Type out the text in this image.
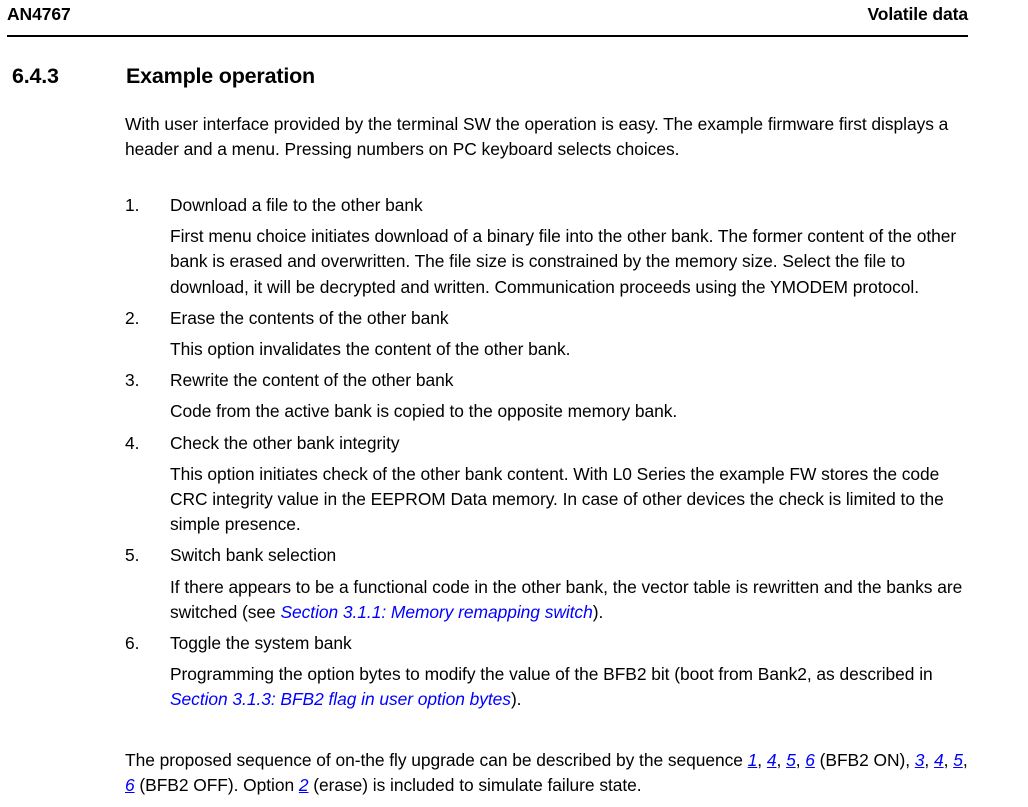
AN4767	Volatile data
6.4.3	Example operation

With user interface provided by the terminal SW the operation is easy. The example firmware first displays a header and a menu. Pressing numbers on PC keyboard selects choices.

1.	Download a file to the other bank
First menu choice initiates download of a binary file into the other bank. The former content of the other bank is erased and overwritten. The file size is constrained by the memory size. Select the file to download, it will be decrypted and written. Communication proceeds using the YMODEM protocol.
2.	Erase the contents of the other bank
This option invalidates the content of the other bank.
3.	Rewrite the content of the other bank
Code from the active bank is copied to the opposite memory bank.
4.	Check the other bank integrity
This option initiates check of the other bank content. With L0 Series the example FW stores the code CRC integrity value in the EEPROM Data memory. In case of other devices the check is limited to the simple presence.
5.	Switch bank selection
If there appears to be a functional code in the other bank, the vector table is rewritten and the banks are switched (see Section 3.1.1: Memory remapping switch).
6.	Toggle the system bank
Programming the option bytes to modify the value of the BFB2 bit (boot from Bank2, as described in Section 3.1.3: BFB2 flag in user option bytes).

The proposed sequence of on-the fly upgrade can be described by the sequence 1, 4, 5, 6 (BFB2 ON), 3, 4, 5, 6 (BFB2 OFF). Option 2 (erase) is included to simulate failure state.
